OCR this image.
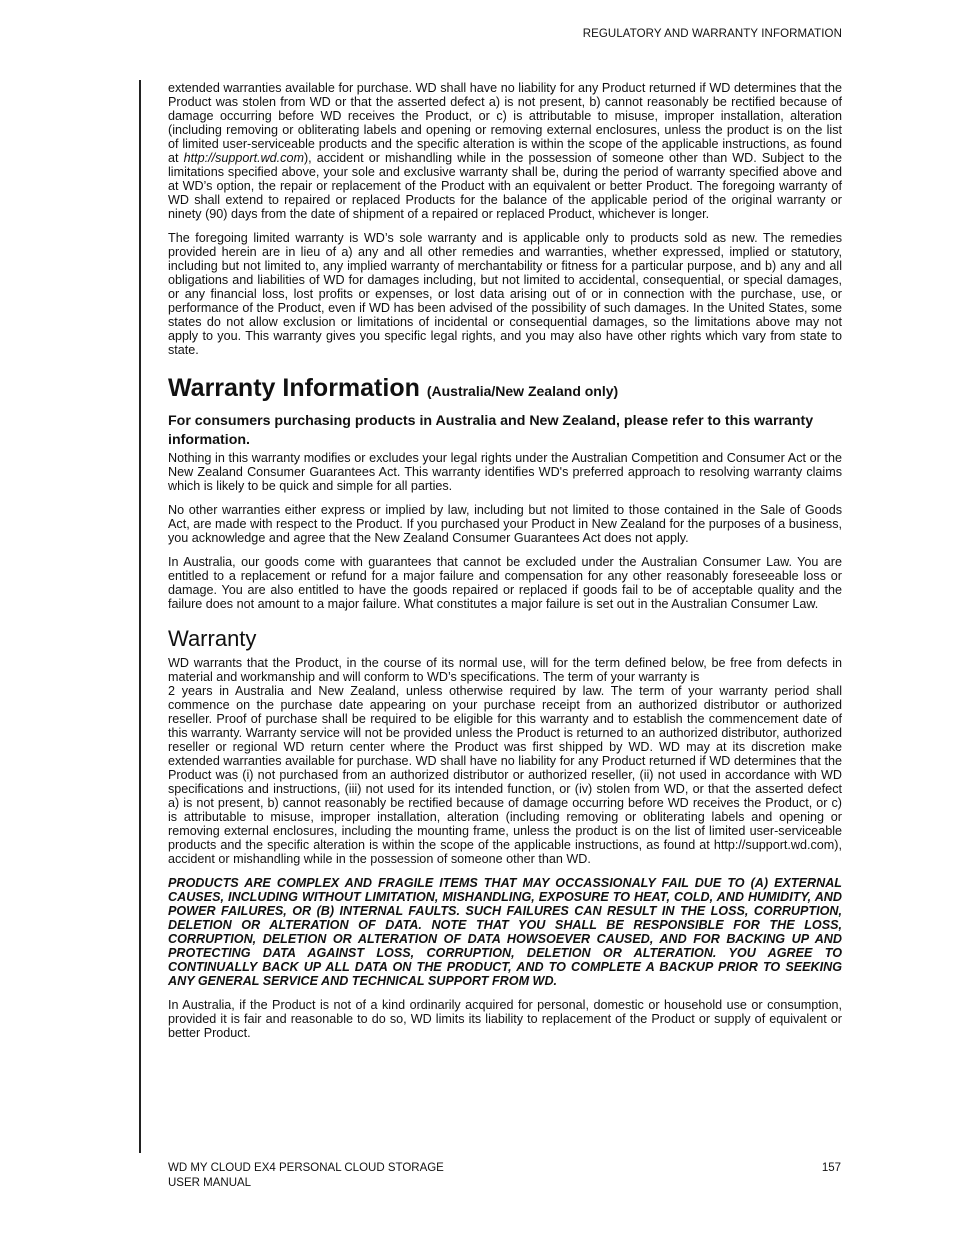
REGULATORY AND WARRANTY INFORMATION

extended warranties available for purchase. WD shall have no liability for any Product returned if WD determines that the Product was stolen from WD or that the asserted defect a) is not present, b) cannot reasonably be rectified because of damage occurring before WD receives the Product, or c) is attributable to misuse, improper installation, alteration (including removing or obliterating labels and opening or removing external enclosures, unless the product is on the list of limited user-serviceable products and the specific alteration is within the scope of the applicable instructions, as found at http://support.wd.com), accident or mishandling while in the possession of someone other than WD. Subject to the limitations specified above, your sole and exclusive warranty shall be, during the period of warranty specified above and at WD’s option, the repair or replacement of the Product with an equivalent or better Product. The foregoing warranty of WD shall extend to repaired or replaced Products for the balance of the applicable period of the original warranty or ninety (90) days from the date of shipment of a repaired or replaced Product, whichever is longer.

The foregoing limited warranty is WD’s sole warranty and is applicable only to products sold as new. The remedies provided herein are in lieu of a) any and all other remedies and warranties, whether expressed, implied or statutory, including but not limited to, any implied warranty of merchantability or fitness for a particular purpose, and b) any and all obligations and liabilities of WD for damages including, but not limited to accidental, consequential, or special damages, or any financial loss, lost profits or expenses, or lost data arising out of or in connection with the purchase, use, or performance of the Product, even if WD has been advised of the possibility of such damages. In the United States, some states do not allow exclusion or limitations of incidental or consequential damages, so the limitations above may not apply to you. This warranty gives you specific legal rights, and you may also have other rights which vary from state to state.

Warranty Information (Australia/New Zealand only)
For consumers purchasing products in Australia and New Zealand, please refer to this warranty information.

Nothing in this warranty modifies or excludes your legal rights under the Australian Competition and Consumer Act or the New Zealand Consumer Guarantees Act. This warranty identifies WD's preferred approach to resolving warranty claims which is likely to be quick and simple for all parties.

No other warranties either express or implied by law, including but not limited to those contained in the Sale of Goods Act, are made with respect to the Product. If you purchased your Product in New Zealand for the purposes of a business, you acknowledge and agree that the New Zealand Consumer Guarantees Act does not apply.

In Australia, our goods come with guarantees that cannot be excluded under the Australian Consumer Law. You are entitled to a replacement or refund for a major failure and compensation for any other reasonably foreseeable loss or damage. You are also entitled to have the goods repaired or replaced if goods fail to be of acceptable quality and the failure does not amount to a major failure. What constitutes a major failure is set out in the Australian Consumer Law.

Warranty

WD warrants that the Product, in the course of its normal use, will for the term defined below, be free from defects in material and workmanship and will conform to WD’s specifications. The term of your warranty is

2 years in Australia and New Zealand, unless otherwise required by law. The term of your warranty period shall commence on the purchase date appearing on your purchase receipt from an authorized distributor or authorized reseller. Proof of purchase shall be required to be eligible for this warranty and to establish the commencement date of this warranty. Warranty service will not be provided unless the Product is returned to an authorized distributor, authorized reseller or regional WD return center where the Product was first shipped by WD. WD may at its discretion make extended warranties available for purchase. WD shall have no liability for any Product returned if WD determines that the Product was (i) not purchased from an authorized distributor or authorized reseller, (ii) not used in accordance with WD specifications and instructions, (iii) not used for its intended function, or (iv) stolen from WD, or that the asserted defect a) is not present, b) cannot reasonably be rectified because of damage occurring before WD receives the Product, or c) is attributable to misuse, improper installation, alteration (including removing or obliterating labels and opening or removing external enclosures, including the mounting frame, unless the product is on the list of limited user-serviceable products and the specific alteration is within the scope of the applicable instructions, as found at http://support.wd.com), accident or mishandling while in the possession of someone other than WD.

PRODUCTS ARE COMPLEX AND FRAGILE ITEMS THAT MAY OCCASSIONALY FAIL DUE TO (A) EXTERNAL CAUSES, INCLUDING WITHOUT LIMITATION, MISHANDLING, EXPOSURE TO HEAT, COLD, AND HUMIDITY, AND POWER FAILURES, OR (B) INTERNAL FAULTS. SUCH FAILURES CAN RESULT IN THE LOSS, CORRUPTION, DELETION OR ALTERATION OF DATA. NOTE THAT YOU SHALL BE RESPONSIBLE FOR THE LOSS, CORRUPTION, DELETION OR ALTERATION OF DATA HOWSOEVER CAUSED, AND FOR BACKING UP AND PROTECTING DATA AGAINST LOSS, CORRUPTION, DELETION OR ALTERATION. YOU AGREE TO CONTINUALLY BACK UP ALL DATA ON THE PRODUCT, AND TO COMPLETE A BACKUP PRIOR TO SEEKING ANY GENERAL SERVICE AND TECHNICAL SUPPORT FROM WD.

In Australia, if the Product is not of a kind ordinarily acquired for personal, domestic or household use or consumption, provided it is fair and reasonable to do so, WD limits its liability to replacement of the Product or supply of equivalent or better Product.

WD MY CLOUD EX4 PERSONAL CLOUD STORAGE
USER MANUAL
157
